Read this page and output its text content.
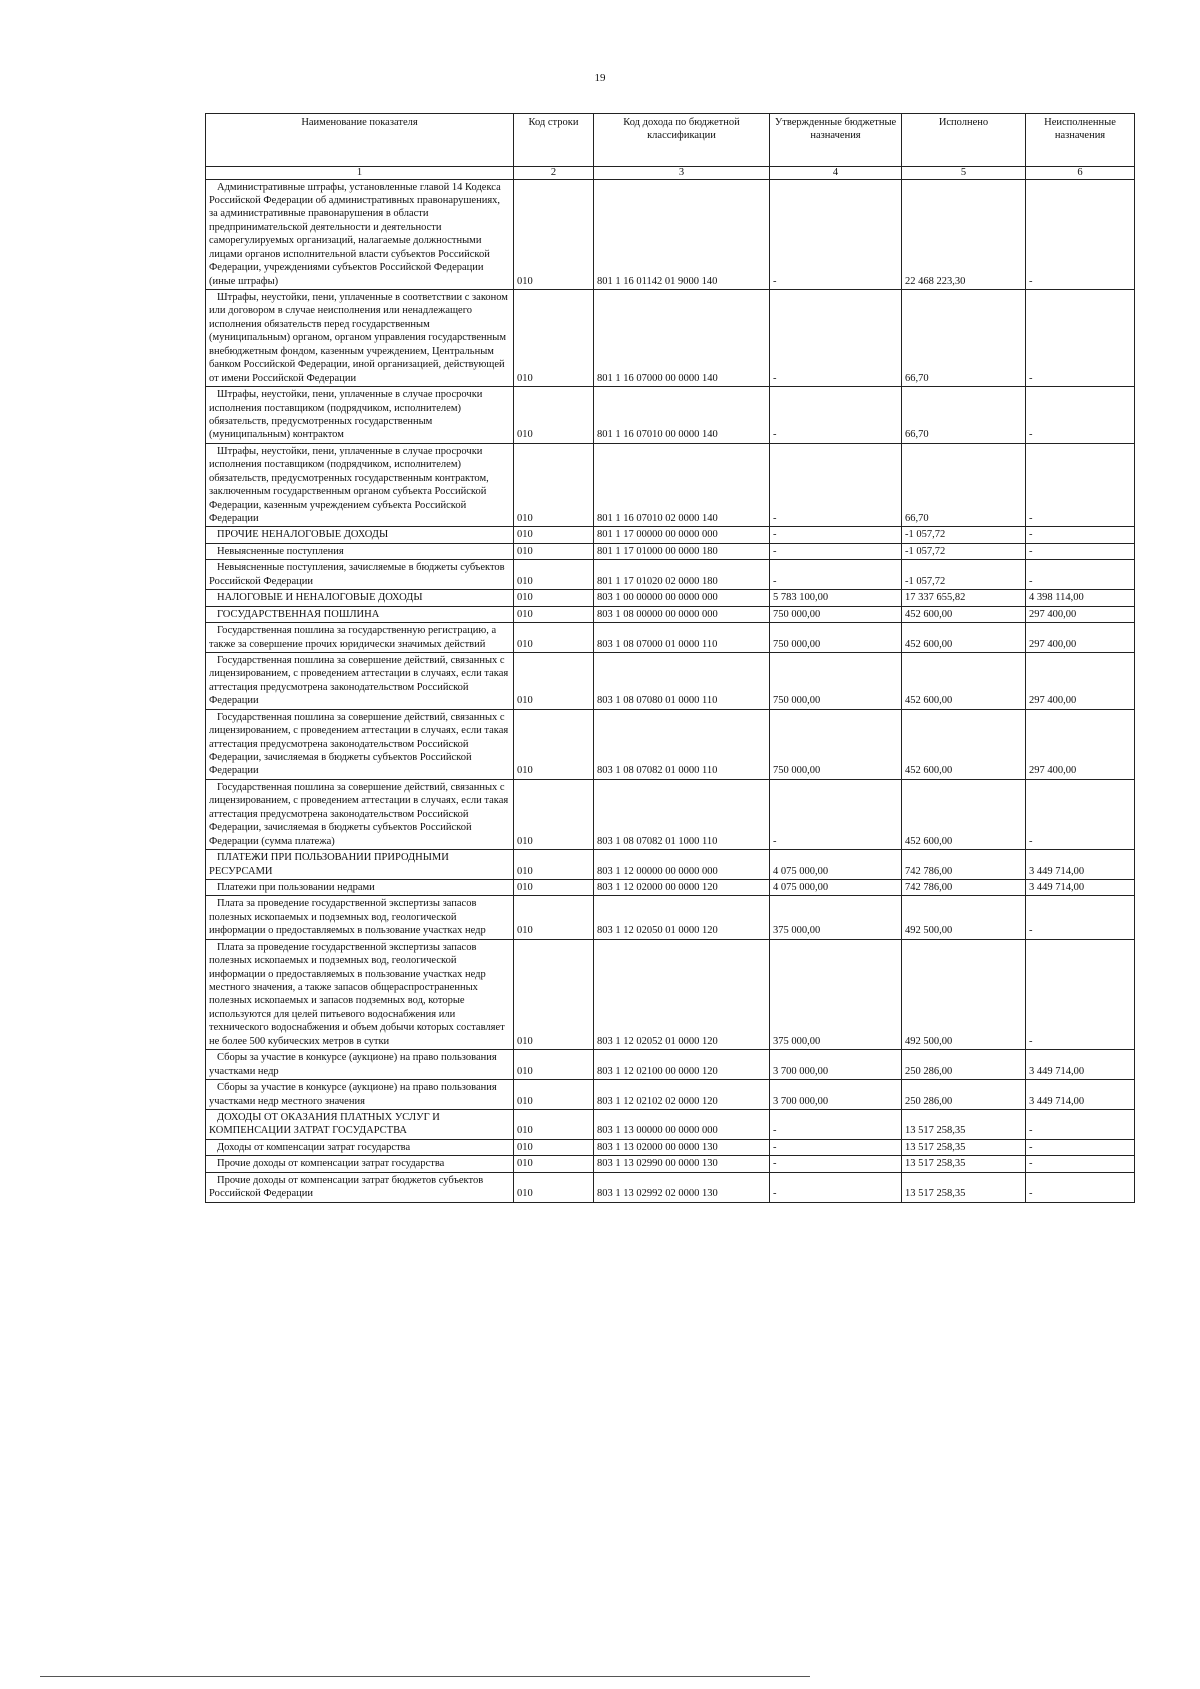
19
Наименование показателя	Код строки	Код дохода по бюджетной классификации	Утвержденные бюджетные назначения	Исполнено	Неисполненные назначения
1	2	3	4	5	6

Административные штрафы, установленные главой 14 Кодекса Российской Федерации об административных правонарушениях, за административные правонарушения в области предпринимательской деятельности и деятельности саморегулируемых организаций, налагаемые должностными лицами органов исполнительной власти субъектов Российской Федерации, учреждениями субъектов Российской Федерации (иные штрафы)	010	801 1 16 01142 01 9000 140	-	22 468 223,30	-

Штрафы, неустойки, пени, уплаченные в соответствии с законом или договором в случае неисполнения или ненадлежащего исполнения обязательств перед государственным (муниципальным) органом, органом управления государственным внебюджетным фондом, казенным учреждением, Центральным банком Российской Федерации, иной организацией, действующей от имени Российской Федерации	010	801 1 16 07000 00 0000 140	-	66,70	-

Штрафы, неустойки, пени, уплаченные в случае просрочки исполнения поставщиком (подрядчиком, исполнителем) обязательств, предусмотренных государственным (муниципальным) контрактом	010	801 1 16 07010 00 0000 140	-	66,70	-

Штрафы, неустойки, пени, уплаченные в случае просрочки исполнения поставщиком (подрядчиком, исполнителем) обязательств, предусмотренных государственным контрактом, заключенным государственным органом субъекта Российской Федерации, казенным учреждением субъекта Российской Федерации	010	801 1 16 07010 02 0000 140	-	66,70	-

ПРОЧИЕ НЕНАЛОГОВЫЕ ДОХОДЫ	010	801 1 17 00000 00 0000 000	-	-1 057,72	-

Невыясненные поступления	010	801 1 17 01000 00 0000 180	-	-1 057,72	-

Невыясненные поступления, зачисляемые в бюджеты субъектов Российской Федерации	010	801 1 17 01020 02 0000 180	-	-1 057,72	-

НАЛОГОВЫЕ И НЕНАЛОГОВЫЕ ДОХОДЫ	010	803 1 00 00000 00 0000 000	5 783 100,00	17 337 655,82	4 398 114,00

ГОСУДАРСТВЕННАЯ ПОШЛИНА	010	803 1 08 00000 00 0000 000	750 000,00	452 600,00	297 400,00

Государственная пошлина за государственную регистрацию, а также за совершение прочих юридически значимых действий	010	803 1 08 07000 01 0000 110	750 000,00	452 600,00	297 400,00

Государственная пошлина за совершение действий, связанных с лицензированием, с проведением аттестации в случаях, если такая аттестация предусмотрена законодательством Российской Федерации	010	803 1 08 07080 01 0000 110	750 000,00	452 600,00	297 400,00

Государственная пошлина за совершение действий, связанных с лицензированием, с проведением аттестации в случаях, если такая аттестация предусмотрена законодательством Российской Федерации, зачисляемая в бюджеты субъектов Российской Федерации	010	803 1 08 07082 01 0000 110	750 000,00	452 600,00	297 400,00

Государственная пошлина за совершение действий, связанных с лицензированием, с проведением аттестации в случаях, если такая аттестация предусмотрена законодательством Российской Федерации, зачисляемая в бюджеты субъектов Российской Федерации (сумма платежа)	010	803 1 08 07082 01 1000 110	-	452 600,00	-

ПЛАТЕЖИ ПРИ ПОЛЬЗОВАНИИ ПРИРОДНЫМИ РЕСУРСАМИ	010	803 1 12 00000 00 0000 000	4 075 000,00	742 786,00	3 449 714,00

Платежи при пользовании недрами	010	803 1 12 02000 00 0000 120	4 075 000,00	742 786,00	3 449 714,00

Плата за проведение государственной экспертизы запасов полезных ископаемых и подземных вод, геологической информации о предоставляемых в пользование участках недр	010	803 1 12 02050 01 0000 120	375 000,00	492 500,00	-

Плата за проведение государственной экспертизы запасов полезных ископаемых и подземных вод, геологической информации о предоставляемых в пользование участках недр местного значения, а также запасов общераспространенных полезных ископаемых и запасов подземных вод, которые используются для целей питьевого водоснабжения или технического водоснабжения и объем добычи которых составляет не более 500 кубических метров в сутки	010	803 1 12 02052 01 0000 120	375 000,00	492 500,00	-

Сборы за участие в конкурсе (аукционе) на право пользования участками недр	010	803 1 12 02100 00 0000 120	3 700 000,00	250 286,00	3 449 714,00

Сборы за участие в конкурсе (аукционе) на право пользования участками недр местного значения	010	803 1 12 02102 02 0000 120	3 700 000,00	250 286,00	3 449 714,00

ДОХОДЫ ОТ ОКАЗАНИЯ ПЛАТНЫХ УСЛУГ И КОМПЕНСАЦИИ ЗАТРАТ ГОСУДАРСТВА	010	803 1 13 00000 00 0000 000	-	13 517 258,35	-

Доходы от компенсации затрат государства	010	803 1 13 02000 00 0000 130	-	13 517 258,35	-

Прочие доходы от компенсации затрат государства	010	803 1 13 02990 00 0000 130	-	13 517 258,35	-

Прочие доходы от компенсации затрат бюджетов субъектов Российской Федерации	010	803 1 13 02992 02 0000 130	-	13 517 258,35	-
